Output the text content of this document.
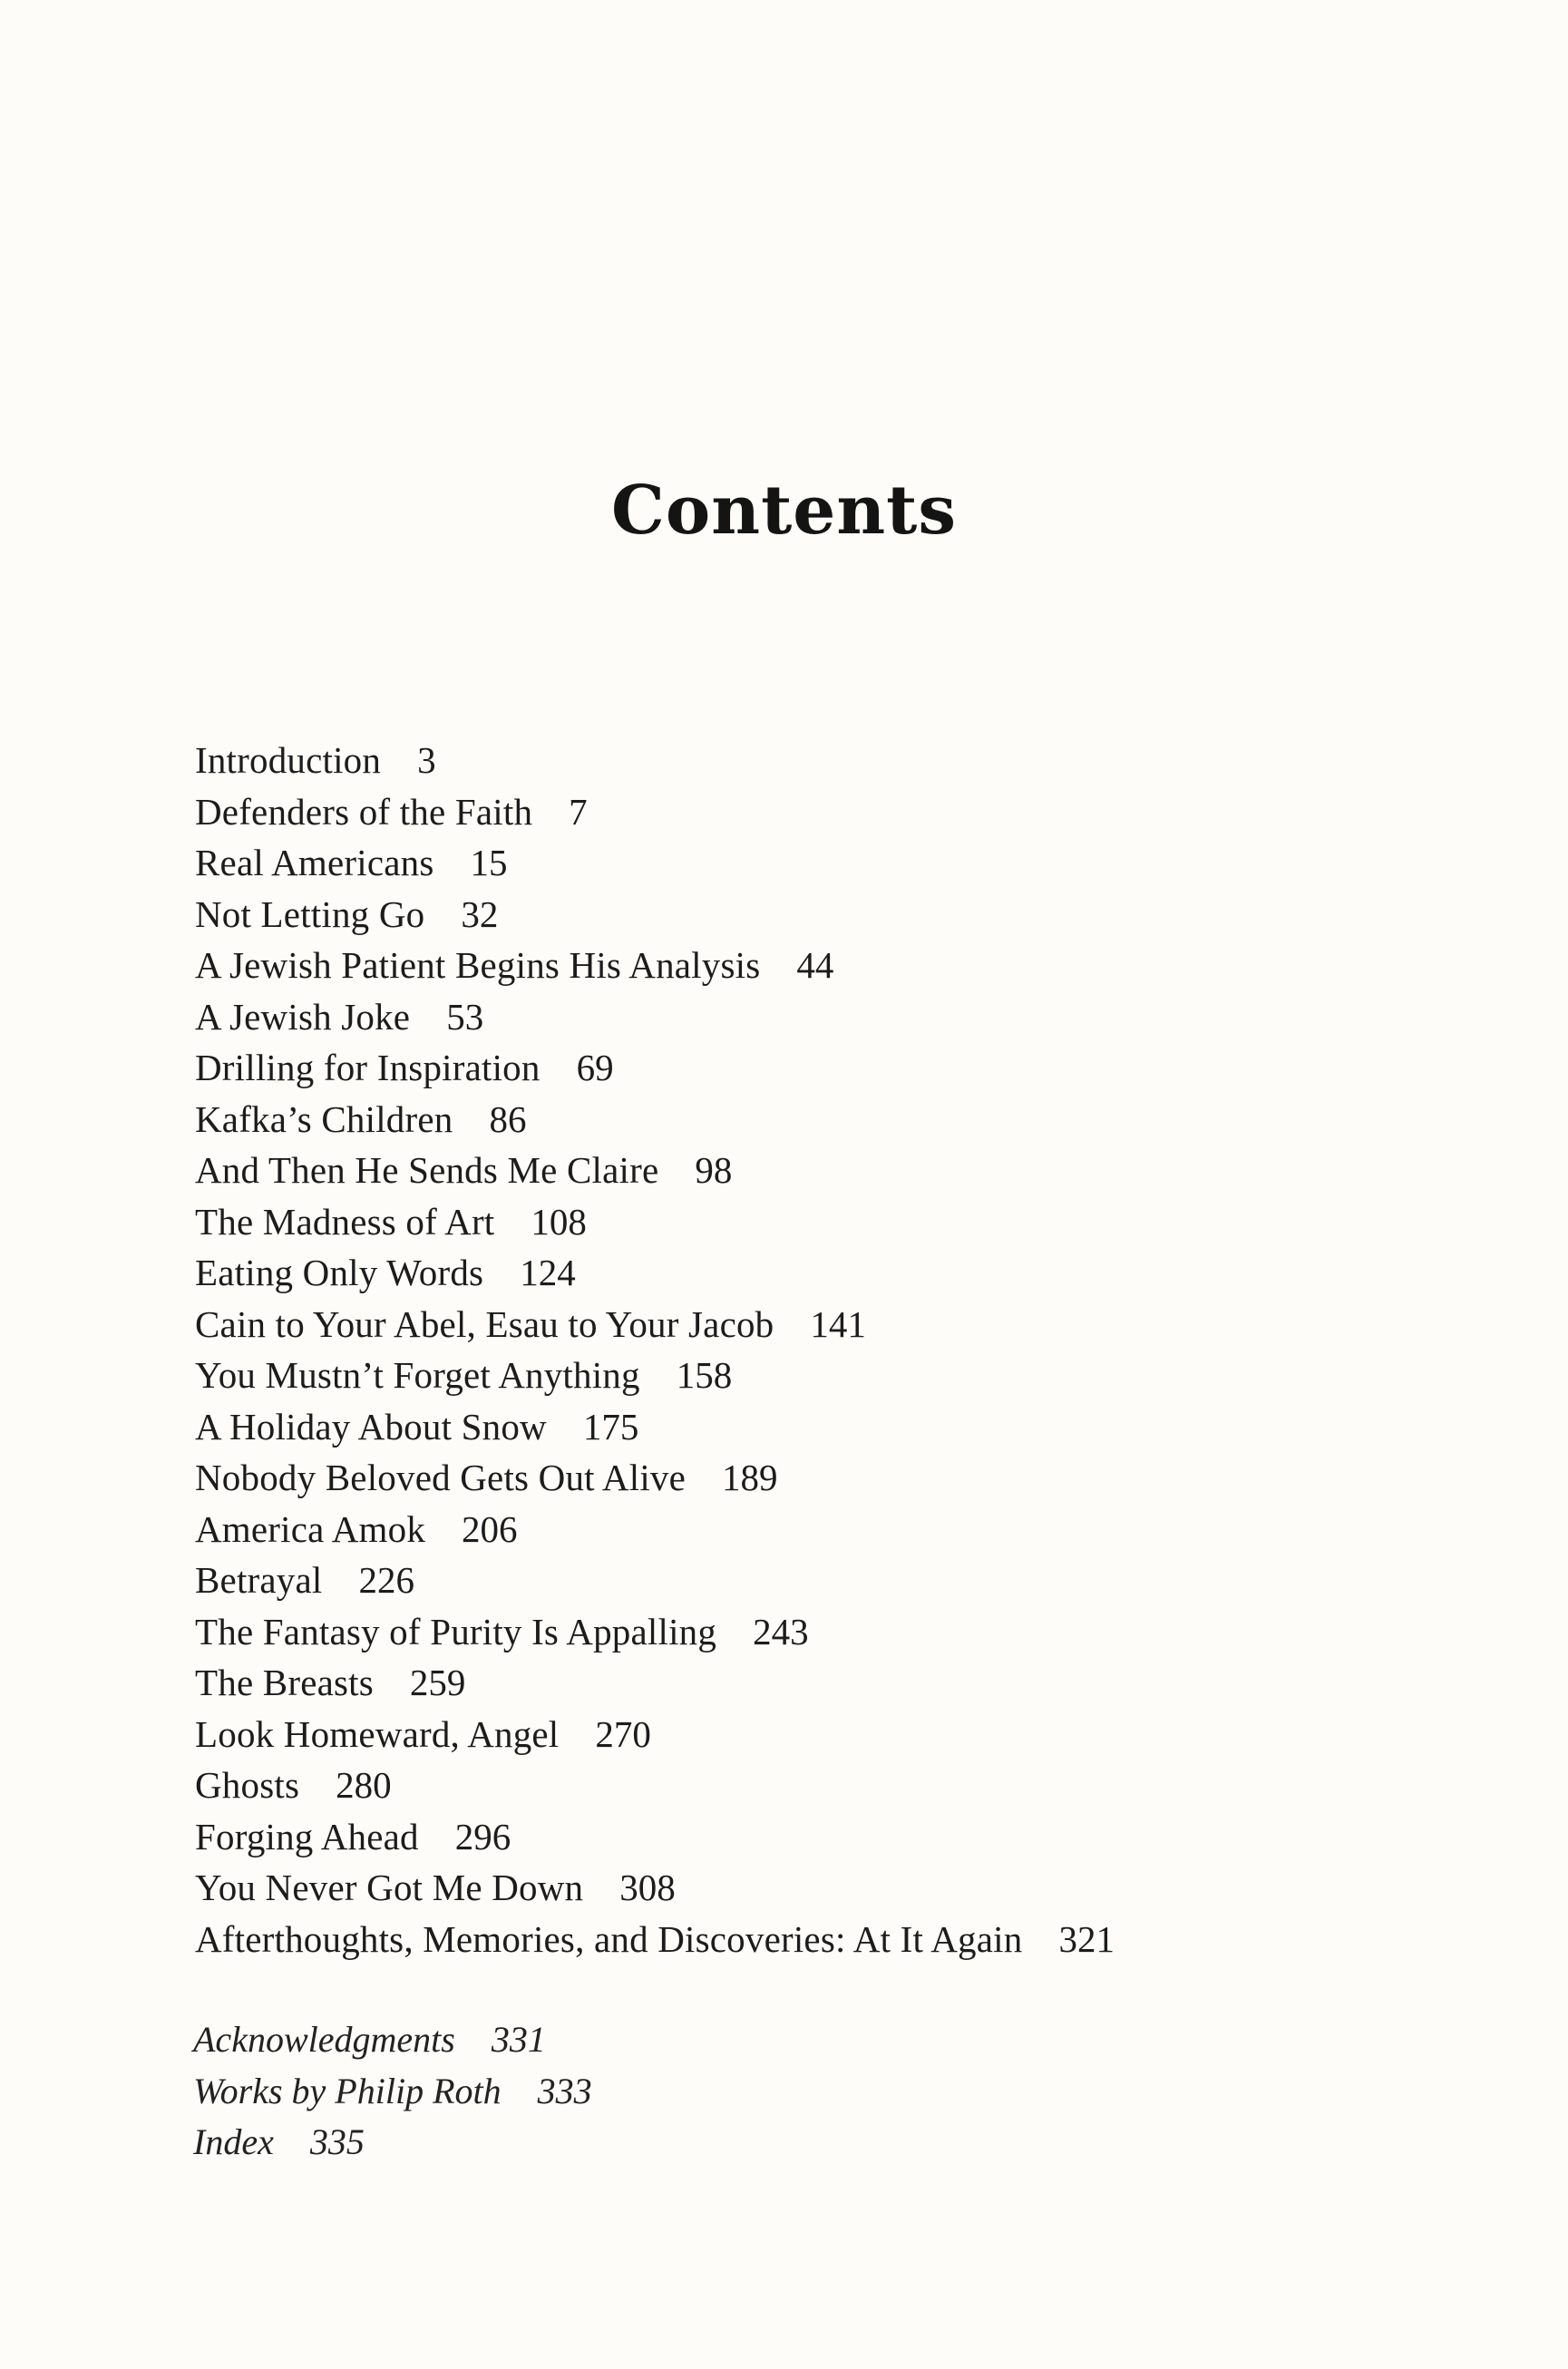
Contents
Introduction 3
Defenders of the Faith 7
Real Americans 15
Not Letting Go 32
A Jewish Patient Begins His Analysis 44
A Jewish Joke 53
Drilling for Inspiration 69
Kafka’s Children 86
And Then He Sends Me Claire 98
The Madness of Art 108
Eating Only Words 124
Cain to Your Abel, Esau to Your Jacob 141
You Mustn’t Forget Anything 158
A Holiday About Snow 175
Nobody Beloved Gets Out Alive 189
America Amok 206
Betrayal 226
The Fantasy of Purity Is Appalling 243
The Breasts 259
Look Homeward, Angel 270
Ghosts 280
Forging Ahead 296
You Never Got Me Down 308
Afterthoughts, Memories, and Discoveries: At It Again 321
Acknowledgments 331
Works by Philip Roth 333
Index 335
